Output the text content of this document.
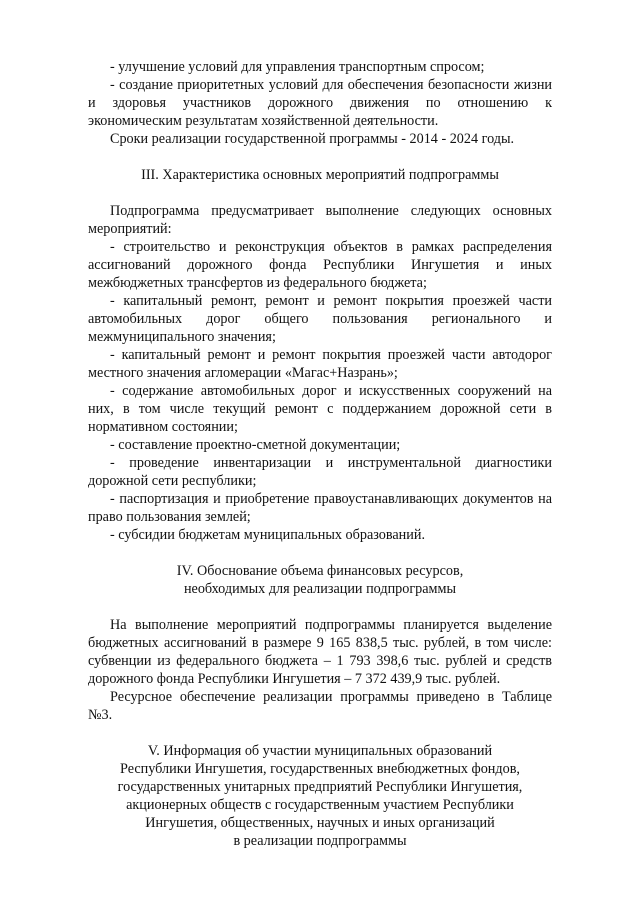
- улучшение условий для управления транспортным спросом;

- создание приоритетных условий для обеспечения безопасности жизни и здоровья участников дорожного движения по отношению к экономическим результатам хозяйственной деятельности.

Сроки реализации государственной программы - 2014 - 2024 годы.

III. Характеристика основных мероприятий подпрограммы

Подпрограмма предусматривает выполнение следующих основных мероприятий:

- строительство и реконструкция объектов в рамках распределения ассигнований дорожного фонда Республики Ингушетия и иных межбюджетных трансфертов из федерального бюджета;

- капитальный ремонт, ремонт и ремонт покрытия проезжей части автомобильных дорог общего пользования регионального и межмуниципального значения;

- капитальный ремонт и ремонт покрытия проезжей части автодорог местного значения агломерации «Магас+Назрань»;

- содержание автомобильных дорог и искусственных сооружений на них, в том числе текущий ремонт с поддержанием дорожной сети в нормативном состоянии;

- составление проектно-сметной документации;

- проведение инвентаризации и инструментальной диагностики дорожной сети республики;

- паспортизация и приобретение правоустанавливающих документов на право пользования землей;

- субсидии бюджетам муниципальных образований.

IV. Обоснование объема финансовых ресурсов,

необходимых для реализации подпрограммы

На выполнение мероприятий подпрограммы планируется выделение бюджетных ассигнований в размере 9 165 838,5 тыс. рублей, в том числе: субвенции из федерального бюджета – 1 793 398,6 тыс. рублей и средств дорожного фонда Республики Ингушетия – 7 372 439,9 тыс. рублей.

Ресурсное обеспечение реализации программы приведено в Таблице №3.

V. Информация об участии муниципальных образований

Республики Ингушетия, государственных внебюджетных фондов,

государственных унитарных предприятий Республики Ингушетия,

акционерных обществ с государственным участием Республики

Ингушетия, общественных, научных и иных организаций

в реализации подпрограммы
